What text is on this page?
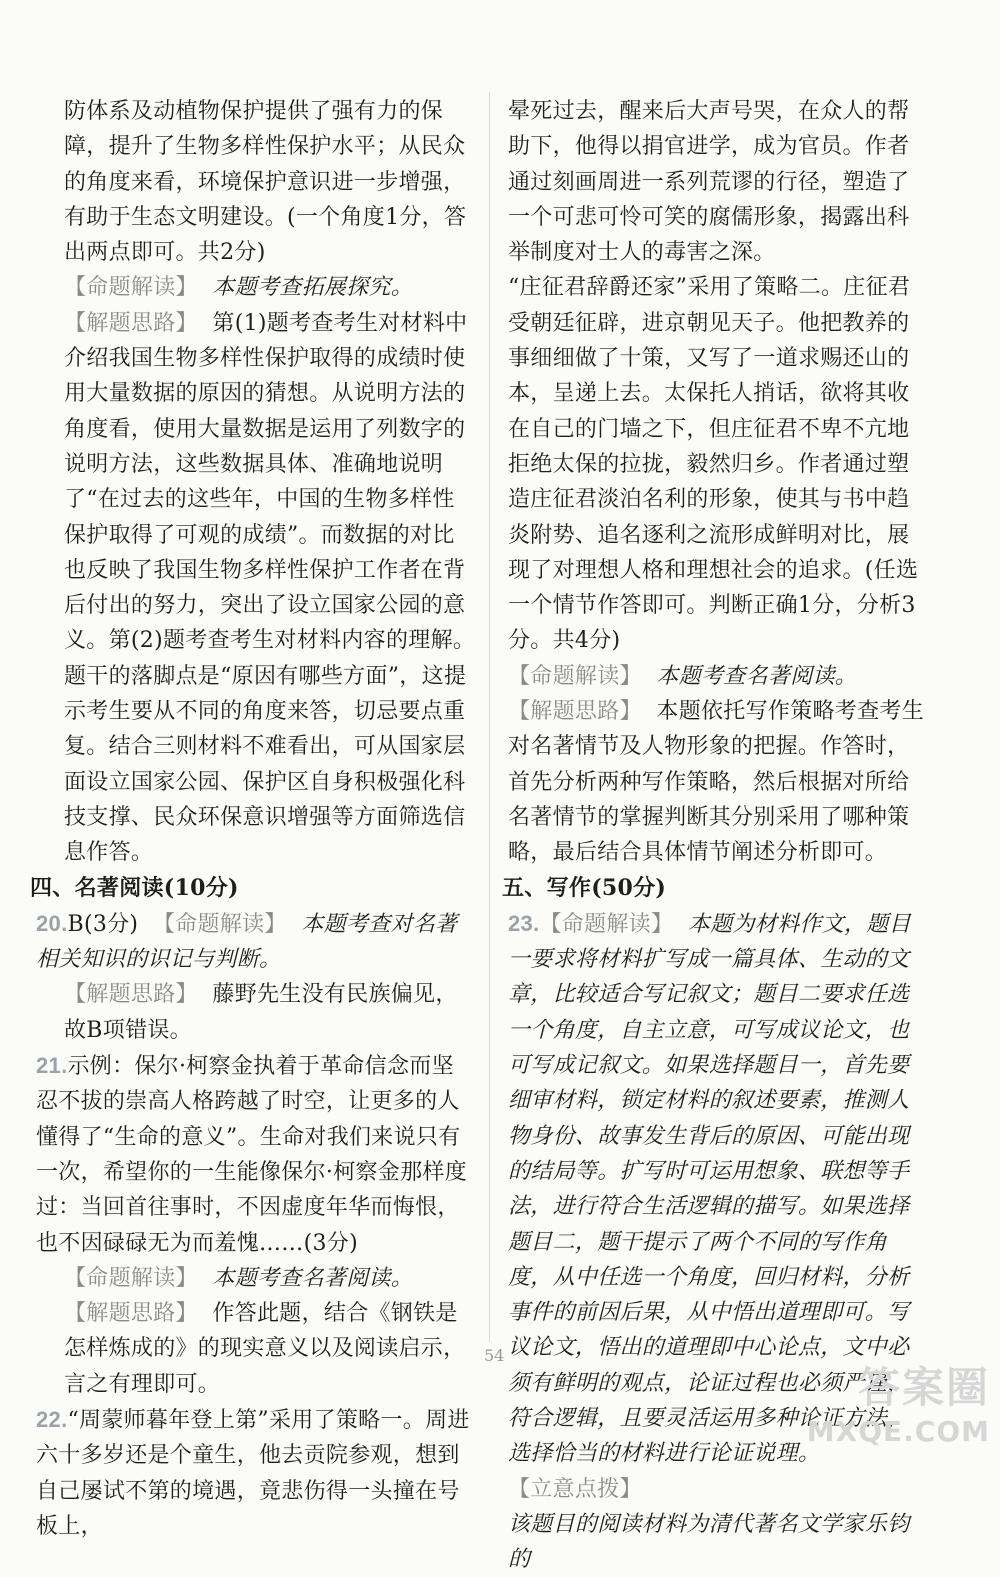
防体系及动植物保护提供了强有力的保障，提升了生物多样性保护水平；从民众的角度来看，环境保护意识进一步增强，有助于生态文明建设。(一个角度1分，答出两点即可。共2分)

【命题解读】 本题考查拓展探究。

【解题思路】 第(1)题考查考生对材料中介绍我国生物多样性保护取得的成绩时使用大量数据的原因的猜想。从说明方法的角度看，使用大量数据是运用了列数字的说明方法，这些数据具体、准确地说明了“在过去的这些年，中国的生物多样性保护取得了可观的成绩”。而数据的对比也反映了我国生物多样性保护工作者在背后付出的努力，突出了设立国家公园的意义。第(2)题考查考生对材料内容的理解。题干的落脚点是“原因有哪些方面”，这提示考生要从不同的角度来答，切忌要点重复。结合三则材料不难看出，可从国家层面设立国家公园、保护区自身积极强化科技支撑、民众环保意识增强等方面筛选信息作答。

四、名著阅读(10分)

20.B(3分) 【命题解读】 本题考查对名著相关知识的识记与判断。

【解题思路】 藤野先生没有民族偏见，故B项错误。

21.示例：保尔·柯察金执着于革命信念而坚忍不拔的崇高人格跨越了时空，让更多的人懂得了“生命的意义”。生命对我们来说只有一次，希望你的一生能像保尔·柯察金那样度过：当回首往事时，不因虚度年华而悔恨，也不因碌碌无为而羞愧……(3分)

【命题解读】 本题考查名著阅读。

【解题思路】 作答此题，结合《钢铁是怎样炼成的》的现实意义以及阅读启示，言之有理即可。

22.“周蒙师暮年登上第”采用了策略一。周进六十多岁还是个童生，他去贡院参观，想到自己屡试不第的境遇，竟悲伤得一头撞在号板上，

晕死过去，醒来后大声号哭，在众人的帮助下，他得以捐官进学，成为官员。作者通过刻画周进一系列荒谬的行径，塑造了一个可悲可怜可笑的腐儒形象，揭露出科举制度对士人的毒害之深。

“庄征君辞爵还家”采用了策略二。庄征君受朝廷征辟，进京朝见天子。他把教养的事细细做了十策，又写了一道求赐还山的本，呈递上去。太保托人捎话，欲将其收在自己的门墙之下，但庄征君不卑不亢地拒绝太保的拉拢，毅然归乡。作者通过塑造庄征君淡泊名利的形象，使其与书中趋炎附势、追名逐利之流形成鲜明对比，展现了对理想人格和理想社会的追求。(任选一个情节作答即可。判断正确1分，分析3分。共4分)

【命题解读】 本题考查名著阅读。

【解题思路】 本题依托写作策略考查考生对名著情节及人物形象的把握。作答时，首先分析两种写作策略，然后根据对所给名著情节的掌握判断其分别采用了哪种策略，最后结合具体情节阐述分析即可。

五、写作(50分)

23.【命题解读】 本题为材料作文，题目一要求将材料扩写成一篇具体、生动的文章，比较适合写记叙文；题目二要求任选一个角度，自主立意，可写成议论文，也可写成记叙文。如果选择题目一，首先要细审材料，锁定材料的叙述要素，推测人物身份、故事发生背后的原因、可能出现的结局等。扩写时可运用想象、联想等手法，进行符合生活逻辑的描写。如果选择题目二，题干提示了两个不同的写作角度，从中任选一个角度，回归材料，分析事件的前因后果，从中悟出道理即可。写议论文，悟出的道理即中心论点，文中必须有鲜明的观点，论证过程也必须严谨，符合逻辑，且要灵活运用多种论证方法，选择恰当的材料进行论证说理。

【立意点拨】

该题目的阅读材料为清代著名文学家乐钧的

54
答案圈
MXQE.COM
